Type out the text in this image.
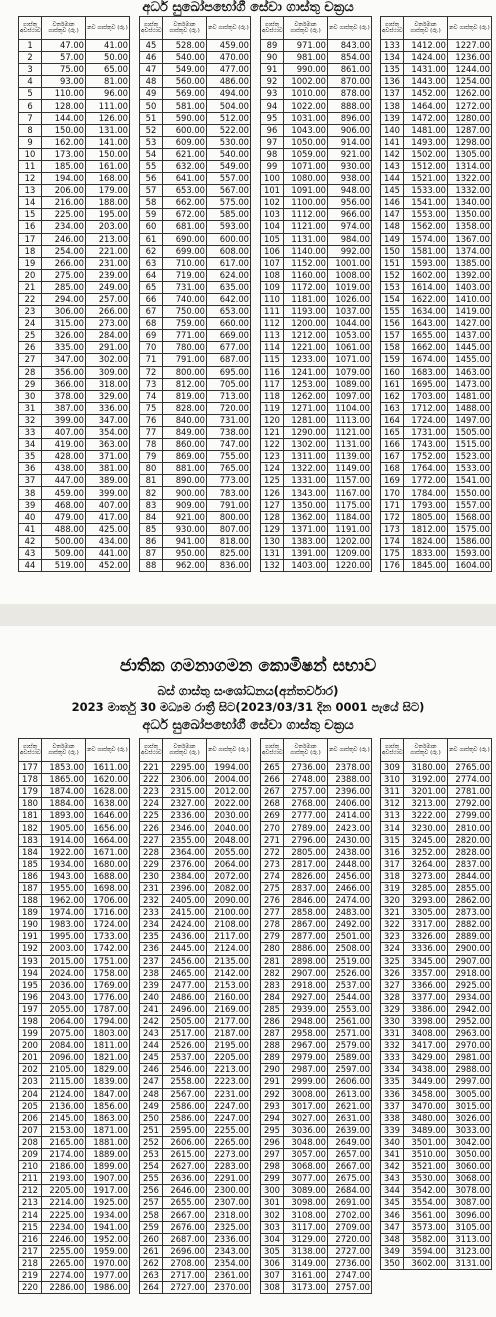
අර්ධ සුඛෝපභෝගී සේවා ගාස්තු චක්‍රය
ගාස්තු අවස්ථාව	වර්තමාන ගාස්තුව (රු.)	නව ගාස්තුව (රු.)
1	47.00	41.00
2	57.00	50.00
3	75.00	65.00
4	93.00	81.00
5	110.00	96.00
6	128.00	111.00
7	144.00	126.00
8	150.00	131.00
9	162.00	141.00
10	173.00	150.00
11	185.00	161.00
12	194.00	168.00
13	206.00	179.00
14	216.00	188.00
15	225.00	195.00
16	234.00	203.00
17	246.00	213.00
18	254.00	221.00
19	266.00	231.00
20	275.00	239.00
21	285.00	249.00
22	294.00	257.00
23	306.00	266.00
24	315.00	273.00
25	326.00	284.00
26	335.00	291.00
27	347.00	302.00
28	356.00	309.00
29	366.00	318.00
30	378.00	329.00
31	387.00	336.00
32	399.00	347.00
33	407.00	354.00
34	419.00	363.00
35	428.00	371.00
36	438.00	381.00
37	447.00	389.00
38	459.00	399.00
39	468.00	407.00
40	479.00	417.00
41	488.00	425.00
42	500.00	434.00
43	509.00	441.00
44	519.00	452.00
ගාස්තු අවස්ථාව	වර්තමාන ගාස්තුව (රු.)	නව ගාස්තුව (රු.)
45	528.00	459.00
46	540.00	470.00
47	549.00	477.00
48	560.00	486.00
49	569.00	494.00
50	581.00	504.00
51	590.00	512.00
52	600.00	522.00
53	609.00	530.00
54	621.00	540.00
55	632.00	549.00
56	641.00	557.00
57	653.00	567.00
58	662.00	575.00
59	672.00	585.00
60	681.00	593.00
61	690.00	600.00
62	699.00	608.00
63	710.00	617.00
64	719.00	624.00
65	731.00	635.00
66	740.00	642.00
67	750.00	653.00
68	759.00	660.00
69	771.00	669.00
70	780.00	677.00
71	791.00	687.00
72	800.00	695.00
73	812.00	705.00
74	819.00	713.00
75	828.00	720.00
76	840.00	731.00
77	849.00	738.00
78	860.00	747.00
79	869.00	755.00
80	881.00	765.00
81	890.00	773.00
82	900.00	783.00
83	909.00	791.00
84	921.00	800.00
85	930.00	807.00
86	941.00	818.00
87	950.00	825.00
88	962.00	836.00
ගාස්තු අවස්ථාව	වර්තමාන ගාස්තුව (රු.)	නව ගාස්තුව (රු.)
89	971.00	843.00
90	981.00	854.00
91	990.00	861.00
92	1002.00	870.00
93	1010.00	878.00
94	1022.00	888.00
95	1031.00	896.00
96	1043.00	906.00
97	1050.00	914.00
98	1059.00	921.00
99	1071.00	930.00
100	1080.00	938.00
101	1091.00	948.00
102	1100.00	956.00
103	1112.00	966.00
104	1121.00	974.00
105	1131.00	984.00
106	1140.00	992.00
107	1152.00	1001.00
108	1160.00	1008.00
109	1172.00	1019.00
110	1181.00	1026.00
111	1193.00	1037.00
112	1200.00	1044.00
113	1212.00	1053.00
114	1221.00	1061.00
115	1233.00	1071.00
116	1241.00	1079.00
117	1253.00	1089.00
118	1262.00	1097.00
119	1271.00	1104.00
120	1281.00	1113.00
121	1290.00	1121.00
122	1302.00	1131.00
123	1311.00	1139.00
124	1322.00	1149.00
125	1331.00	1157.00
126	1343.00	1167.00
127	1350.00	1175.00
128	1362.00	1184.00
129	1371.00	1191.00
130	1383.00	1202.00
131	1391.00	1209.00
132	1403.00	1220.00
ගාස්තු අවස්ථාව	වර්තමාන ගාස්තුව (රු.)	නව ගාස්තුව (රු.)
133	1412.00	1227.00
134	1424.00	1236.00
135	1431.00	1244.00
136	1443.00	1254.00
137	1452.00	1262.00
138	1464.00	1272.00
139	1472.00	1280.00
140	1481.00	1287.00
141	1493.00	1298.00
142	1502.00	1305.00
143	1512.00	1314.00
144	1521.00	1322.00
145	1533.00	1332.00
146	1541.00	1340.00
147	1553.00	1350.00
148	1562.00	1358.00
149	1574.00	1367.00
150	1581.00	1374.00
151	1593.00	1385.00
152	1602.00	1392.00
153	1614.00	1403.00
154	1622.00	1410.00
155	1634.00	1419.00
156	1643.00	1427.00
157	1655.00	1437.00
158	1662.00	1445.00
159	1674.00	1455.00
160	1683.00	1463.00
161	1695.00	1473.00
162	1703.00	1481.00
163	1712.00	1488.00
164	1724.00	1497.00
165	1731.00	1505.00
166	1743.00	1515.00
167	1752.00	1523.00
168	1764.00	1533.00
169	1772.00	1541.00
170	1784.00	1550.00
171	1793.00	1557.00
172	1805.00	1568.00
173	1812.00	1575.00
174	1824.00	1586.00
175	1833.00	1593.00
176	1845.00	1604.00
ජාතික ගමනාගමන කොමිෂන් සභාව
බස් ගාස්තු සංශෝධනය(අන්තර්වාර)
2023 මාර්තු 30 මධ්‍යම රාත්‍රී සිට(2023/03/31 දින 0001 පැයේ සිට)
අර්ධ සුඛෝපභෝගී සේවා ගාස්තු චක්‍රය
ගාස්තු අවස්ථාව	වර්තමාන ගාස්තුව (රු.)	නව ගාස්තුව (රු.)
177	1853.00	1611.00
178	1865.00	1620.00
179	1874.00	1628.00
180	1884.00	1638.00
181	1893.00	1646.00
182	1905.00	1656.00
183	1914.00	1664.00
184	1922.00	1671.00
185	1934.00	1680.00
186	1943.00	1688.00
187	1955.00	1698.00
188	1962.00	1706.00
189	1974.00	1716.00
190	1983.00	1724.00
191	1995.00	1733.00
192	2003.00	1742.00
193	2015.00	1751.00
194	2024.00	1758.00
195	2036.00	1769.00
196	2043.00	1776.00
197	2055.00	1787.00
198	2064.00	1794.00
199	2075.00	1803.00
200	2084.00	1811.00
201	2096.00	1821.00
202	2105.00	1829.00
203	2115.00	1839.00
204	2124.00	1847.00
205	2136.00	1856.00
206	2145.00	1863.00
207	2153.00	1871.00
208	2165.00	1881.00
209	2174.00	1889.00
210	2186.00	1899.00
211	2193.00	1907.00
212	2205.00	1917.00
213	2214.00	1925.00
214	2225.00	1934.00
215	2234.00	1941.00
216	2246.00	1952.00
217	2255.00	1959.00
218	2265.00	1970.00
219	2274.00	1977.00
220	2286.00	1986.00
ගාස්තු අවස්ථාව	වර්තමාන ගාස්තුව (රු.)	නව ගාස්තුව (රු.)
221	2295.00	1994.00
222	2306.00	2004.00
223	2315.00	2012.00
224	2327.00	2022.00
225	2336.00	2030.00
226	2346.00	2040.00
227	2355.00	2048.00
228	2364.00	2055.00
229	2376.00	2064.00
230	2384.00	2072.00
231	2396.00	2082.00
232	2405.00	2090.00
233	2415.00	2100.00
234	2424.00	2108.00
235	2436.00	2117.00
236	2445.00	2124.00
237	2456.00	2135.00
238	2465.00	2142.00
239	2477.00	2153.00
240	2486.00	2160.00
241	2496.00	2169.00
242	2505.00	2177.00
243	2517.00	2187.00
244	2526.00	2195.00
245	2537.00	2205.00
246	2546.00	2213.00
247	2558.00	2223.00
248	2567.00	2231.00
249	2586.00	2247.00
250	2586.00	2247.00
251	2595.00	2255.00
252	2606.00	2265.00
253	2615.00	2273.00
254	2627.00	2283.00
255	2636.00	2291.00
256	2646.00	2300.00
257	2655.00	2307.00
258	2667.00	2318.00
259	2676.00	2325.00
260	2687.00	2336.00
261	2696.00	2343.00
262	2708.00	2354.00
263	2717.00	2361.00
264	2727.00	2370.00
ගාස්තු අවස්ථාව	වර්තමාන ගාස්තුව (රු.)	නව ගාස්තුව (රු.)
265	2736.00	2378.00
266	2748.00	2388.00
267	2757.00	2396.00
268	2768.00	2406.00
269	2777.00	2414.00
270	2789.00	2423.00
271	2796.00	2430.00
272	2805.00	2438.00
273	2817.00	2448.00
274	2826.00	2456.00
275	2837.00	2466.00
276	2846.00	2474.00
277	2858.00	2483.00
278	2867.00	2492.00
279	2877.00	2501.00
280	2886.00	2508.00
281	2898.00	2519.00
282	2907.00	2526.00
283	2918.00	2537.00
284	2927.00	2544.00
285	2939.00	2553.00
286	2948.00	2561.00
287	2958.00	2571.00
288	2967.00	2579.00
289	2979.00	2589.00
290	2987.00	2597.00
291	2999.00	2606.00
292	3008.00	2613.00
293	3017.00	2621.00
294	3027.00	2631.00
295	3036.00	2639.00
296	3048.00	2649.00
297	3057.00	2657.00
298	3068.00	2667.00
299	3077.00	2675.00
300	3089.00	2684.00
301	3098.00	2691.00
302	3108.00	2702.00
303	3117.00	2709.00
304	3129.00	2720.00
305	3138.00	2727.00
306	3149.00	2736.00
307	3161.00	2747.00
308	3173.00	2757.00
ගාස්තු අවස්ථාව	වර්තමාන ගාස්තුව (රු.)	නව ගාස්තුව (රු.)
309	3180.00	2765.00
310	3192.00	2774.00
311	3201.00	2781.00
312	3213.00	2792.00
313	3222.00	2799.00
314	3230.00	2810.00
315	3245.00	2820.00
316	3252.00	2828.00
317	3264.00	2837.00
318	3273.00	2844.00
319	3285.00	2855.00
320	3293.00	2862.00
321	3305.00	2873.00
322	3317.00	2882.00
323	3326.00	2889.00
324	3336.00	2900.00
325	3345.00	2907.00
326	3357.00	2918.00
327	3366.00	2925.00
328	3377.00	2934.00
329	3386.00	2942.00
330	3398.00	2952.00
331	3408.00	2963.00
332	3417.00	2970.00
333	3429.00	2981.00
334	3438.00	2988.00
335	3449.00	2997.00
336	3458.00	3005.00
337	3470.00	3015.00
338	3480.00	3026.00
339	3489.00	3033.00
340	3501.00	3042.00
341	3510.00	3050.00
342	3521.00	3060.00
343	3530.00	3068.00
344	3542.00	3078.00
345	3554.00	3087.00
346	3561.00	3096.00
347	3573.00	3105.00
348	3582.00	3113.00
349	3594.00	3123.00
350	3602.00	3131.00
